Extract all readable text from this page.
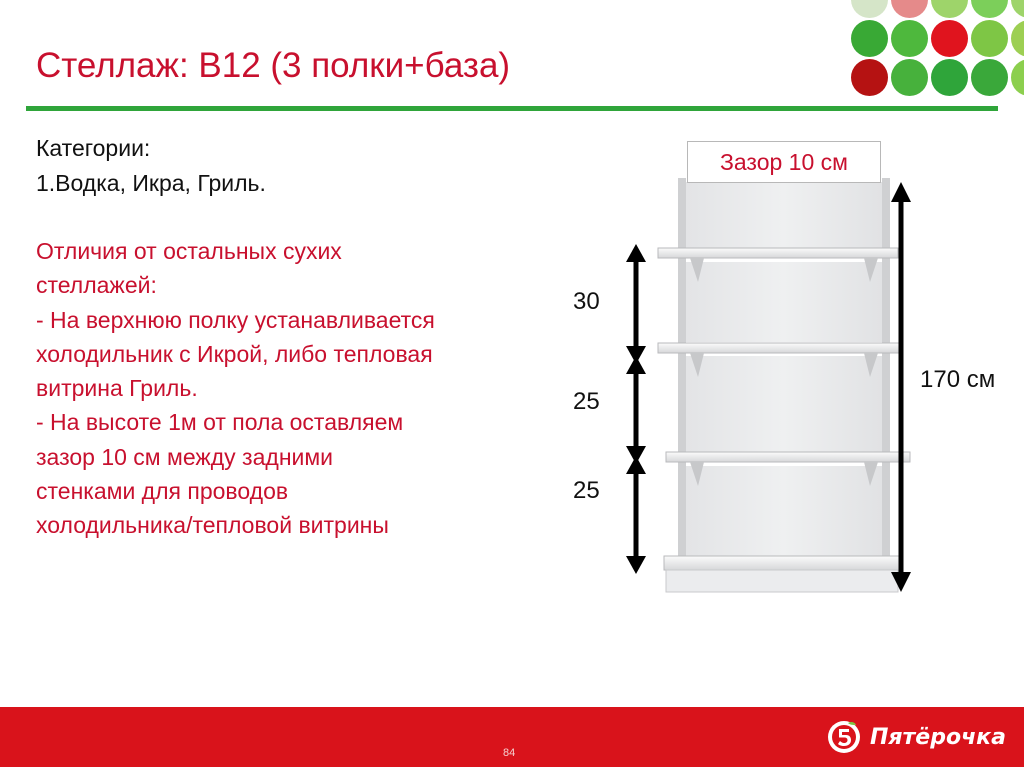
Стеллаж: В12 (3 полки+база)
Категории:
1.Водка, Икра, Гриль.
Отличия от остальных сухих
стеллажей:
- На верхнюю полку устанавливается
холодильник с Икрой, либо тепловая
витрина Гриль.
- На высоте 1м от пола оставляем
зазор 10 см между задними
стенками для проводов
холодильника/тепловой витрины
Зазор 10 см
30
25
25
170 см
84
Пятёрочка
